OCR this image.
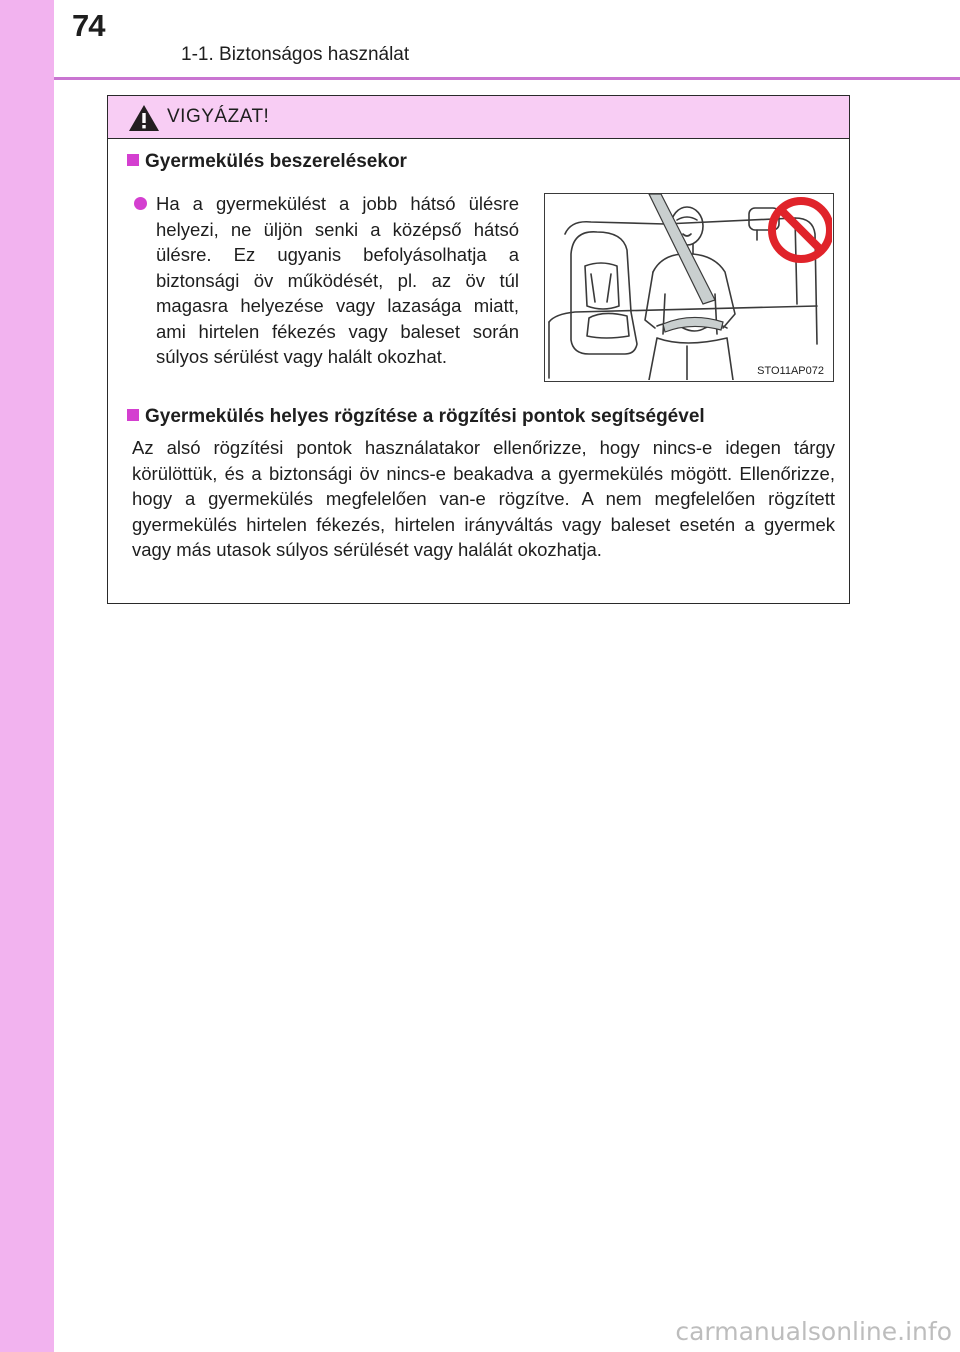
74
1-1. Biztonságos használat
VIGYÁZAT!
Gyermekülés beszerelésekor
Ha a gyermekülést a jobb hátsó ülésre helyezi, ne üljön senki a középső hátsó ülésre. Ez ugyanis befolyásolhatja a biztonsági öv működését, pl. az öv túl magasra helyezése vagy lazasága miatt, ami hirtelen fékezés vagy baleset során súlyos sérülést vagy halált okozhat.
STO11AP072
Gyermekülés helyes rögzítése a rögzítési pontok segítségével
Az alsó rögzítési pontok használatakor ellenőrizze, hogy nincs-e idegen tárgy körülöttük, és a biztonsági öv nincs-e beakadva a gyermekülés mögött. Ellenőrizze, hogy a gyermekülés megfelelően van-e rögzítve. A nem megfelelően rögzített gyermekülés hirtelen fékezés, hirtelen irányváltás vagy baleset esetén a gyermek vagy más utasok súlyos sérülését vagy halálát okozhatja.
carmanualsonline.info
